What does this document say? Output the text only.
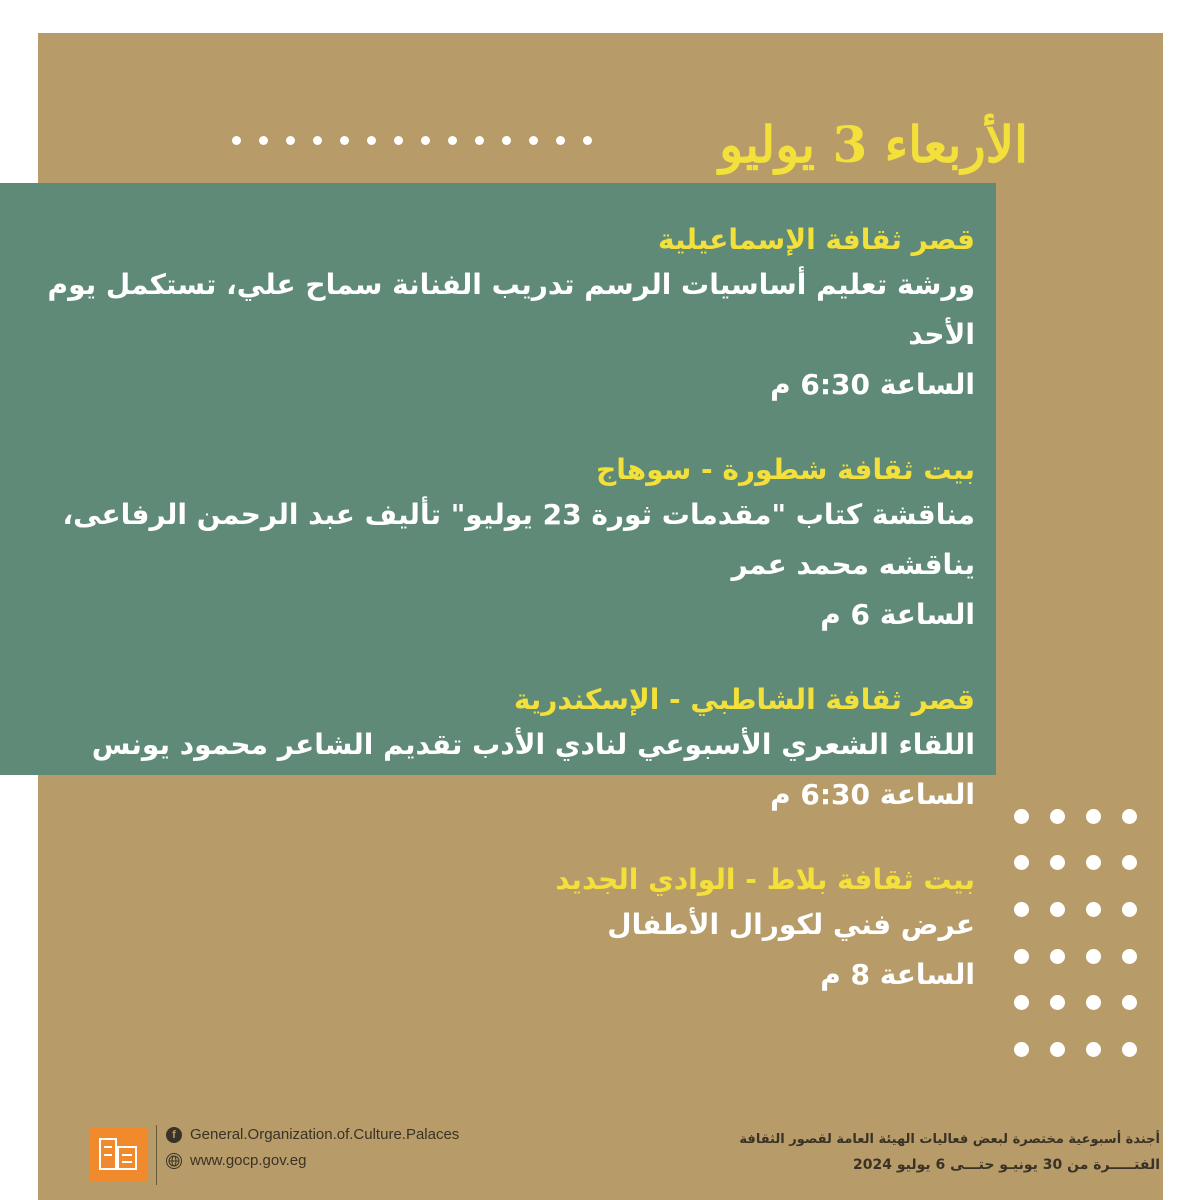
الأربعاء 3 يوليو
قصر ثقافة الإسماعيلية
ورشة تعليم أساسيات الرسم تدريب الفنانة سماح علي، تستكمل يوم الأحد
الساعة 6:30 م
بيت ثقافة شطورة - سوهاج
مناقشة كتاب "مقدمات ثورة 23 يوليو" تأليف عبد الرحمن الرفاعى،
يناقشه محمد عمر
الساعة 6 م
قصر ثقافة الشاطبي - الإسكندرية
اللقاء الشعري الأسبوعي لنادي الأدب تقديم الشاعر محمود يونس
الساعة 6:30 م
بيت ثقافة بلاط - الوادي الجديد
عرض فني لكورال الأطفال
الساعة 8 م
f General.Organization.of.Culture.Palaces
www.gocp.gov.eg
أجندة أسبوعية مختصرة لبعض فعاليات الهيئة العامة لقصور الثقافة
الفتـــــرة من 30 يونيـو حتـــى 6 يوليو 2024
